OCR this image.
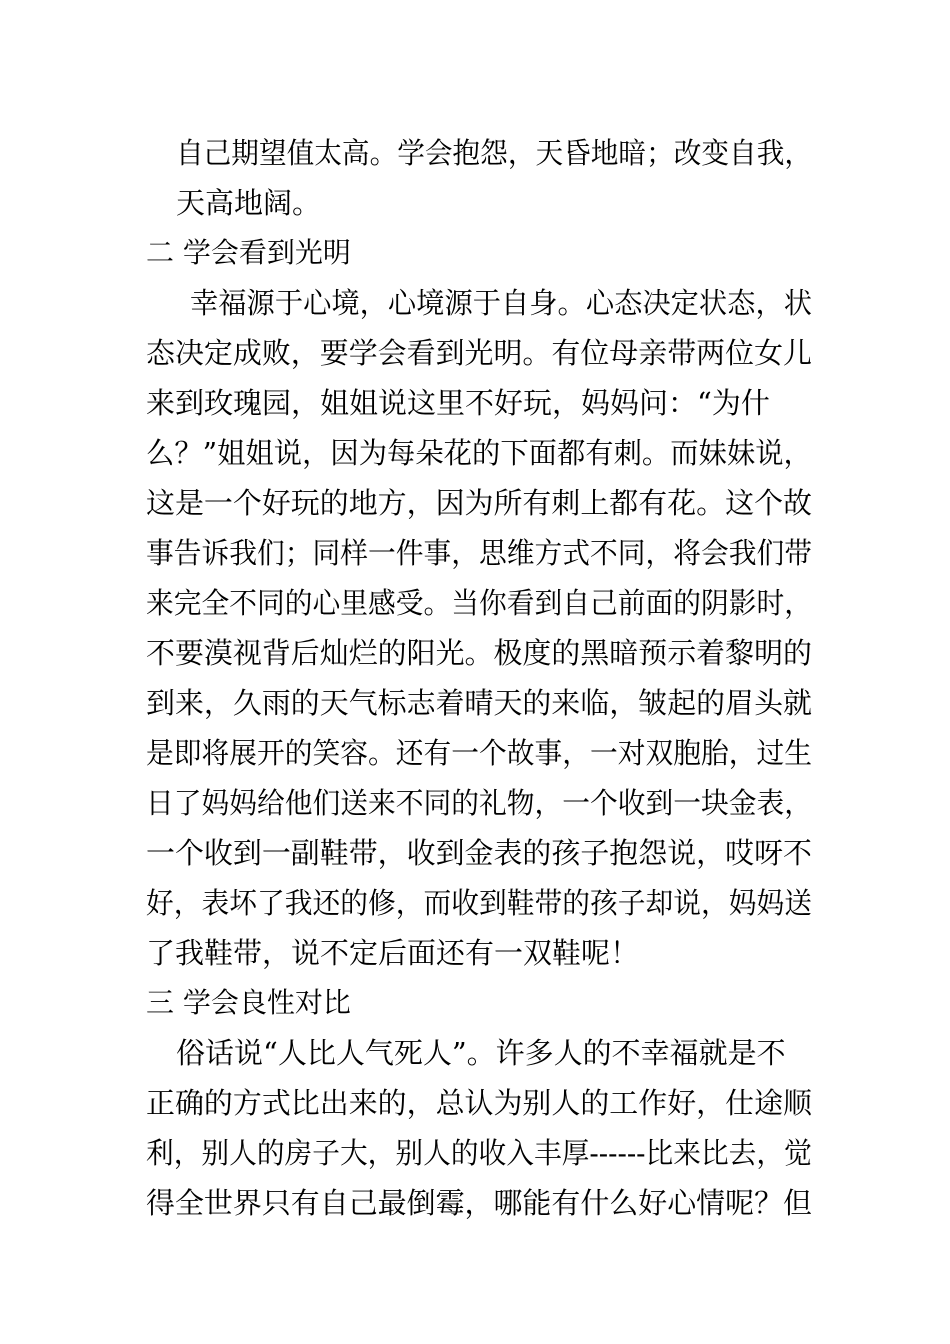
自己期望值太高。学会抱怨，天昏地暗；改变自我，
天高地阔。
二 学会看到光明
幸福源于心境，心境源于自身。心态决定状态，状
态决定成败，要学会看到光明。有位母亲带两位女儿
来到玫瑰园，姐姐说这里不好玩，妈妈问：“为什
么？”姐姐说，因为每朵花的下面都有刺。而妹妹说，
这是一个好玩的地方，因为所有刺上都有花。这个故
事告诉我们；同样一件事，思维方式不同，将会我们带
来完全不同的心里感受。当你看到自己前面的阴影时，
不要漠视背后灿烂的阳光。极度的黑暗预示着黎明的
到来，久雨的天气标志着晴天的来临，皱起的眉头就
是即将展开的笑容。还有一个故事，一对双胞胎，过生
日了妈妈给他们送来不同的礼物，一个收到一块金表，
一个收到一副鞋带，收到金表的孩子抱怨说，哎呀不
好，表坏了我还的修，而收到鞋带的孩子却说，妈妈送
了我鞋带，说不定后面还有一双鞋呢！
三 学会良性对比
俗话说“人比人气死人”。许多人的不幸福就是不
正确的方式比出来的，总认为别人的工作好，仕途顺
利，别人的房子大，别人的收入丰厚------比来比去，觉
得全世界只有自己最倒霉，哪能有什么好心情呢？但
